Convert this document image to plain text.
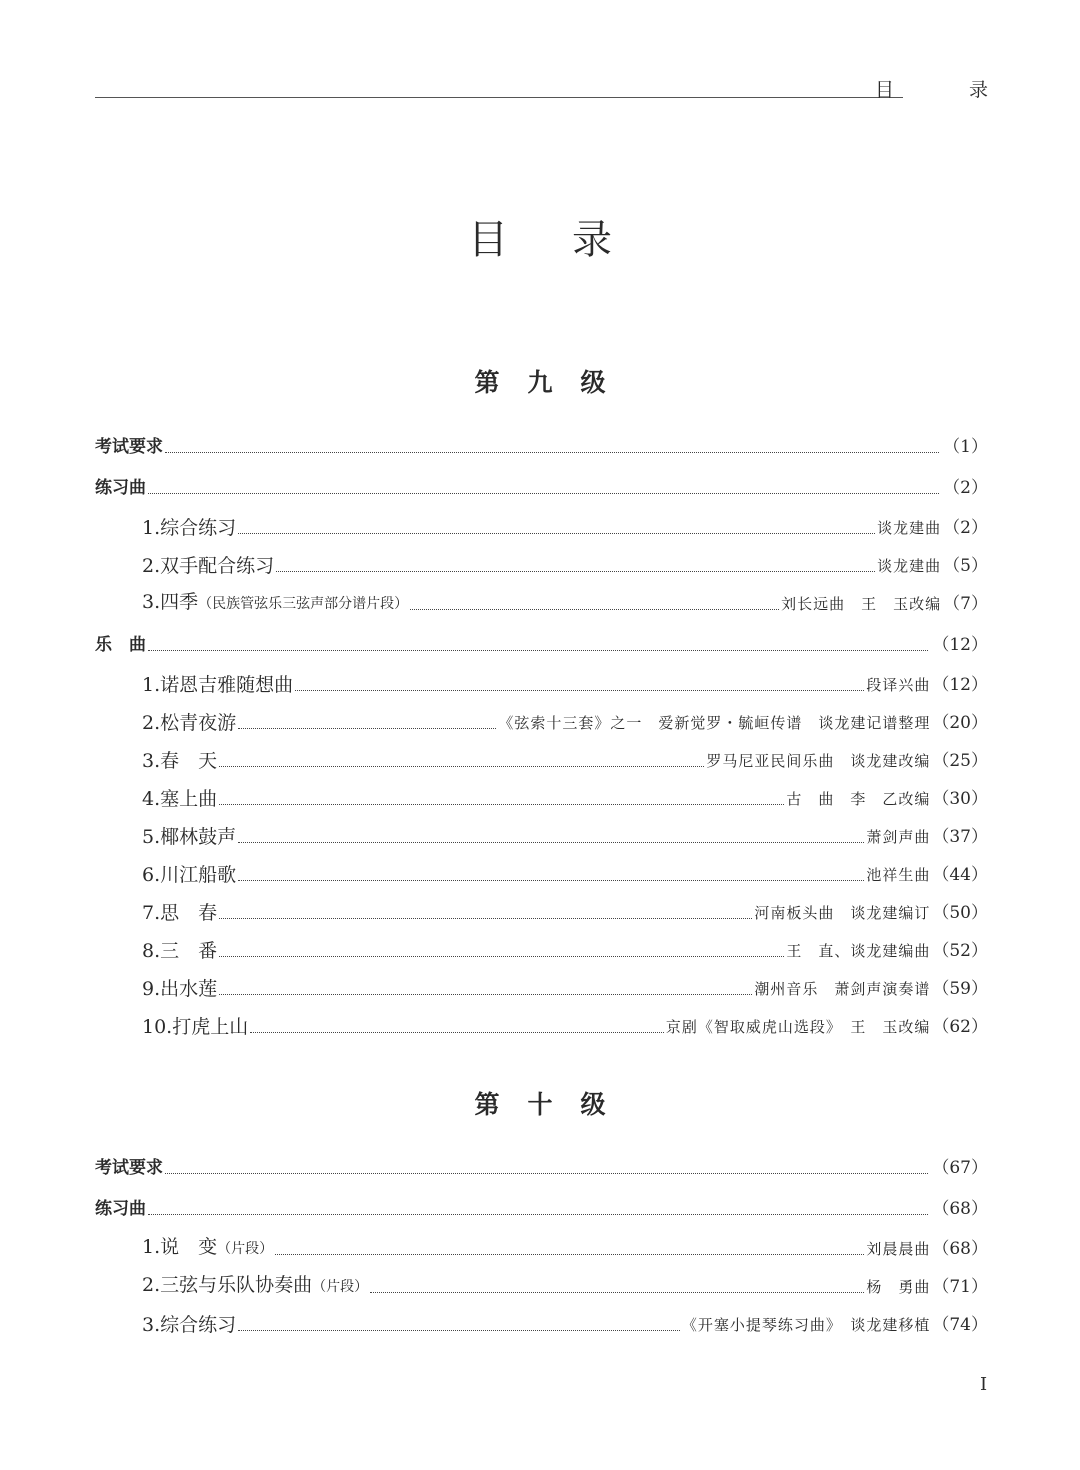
目　录
目录
第九级
考试要求	（1）
练习曲	（2）
1.综合练习	谈龙建曲 （2）
2.双手配合练习	谈龙建曲 （5）
3.四季（民族管弦乐三弦声部分谱片段）	刘长远曲　王　玉改编 （7）
乐　曲	（12）
1.诺恩吉雅随想曲	段译兴曲 （12）
2.松青夜游	《弦索十三套》之一　爱新觉罗・毓峘传谱　谈龙建记谱整理 （20）
3.春　天	罗马尼亚民间乐曲　谈龙建改编 （25）
4.塞上曲	古　曲　李　乙改编 （30）
5.椰林鼓声	萧剑声曲 （37）
6.川江船歌	池祥生曲 （44）
7.思　春	河南板头曲　谈龙建编订 （50）
8.三　番	王　直、谈龙建编曲 （52）
9.出水莲	潮州音乐　萧剑声演奏谱 （59）
10.打虎上山	京剧《智取威虎山选段》　王　玉改编 （62）
第十级
考试要求	（67）
练习曲	（68）
1.说　变（片段）	刘晨晨曲 （68）
2.三弦与乐队协奏曲（片段）	杨　勇曲 （71）
3.综合练习	《开塞小提琴练习曲》　谈龙建移植 （74）
I
